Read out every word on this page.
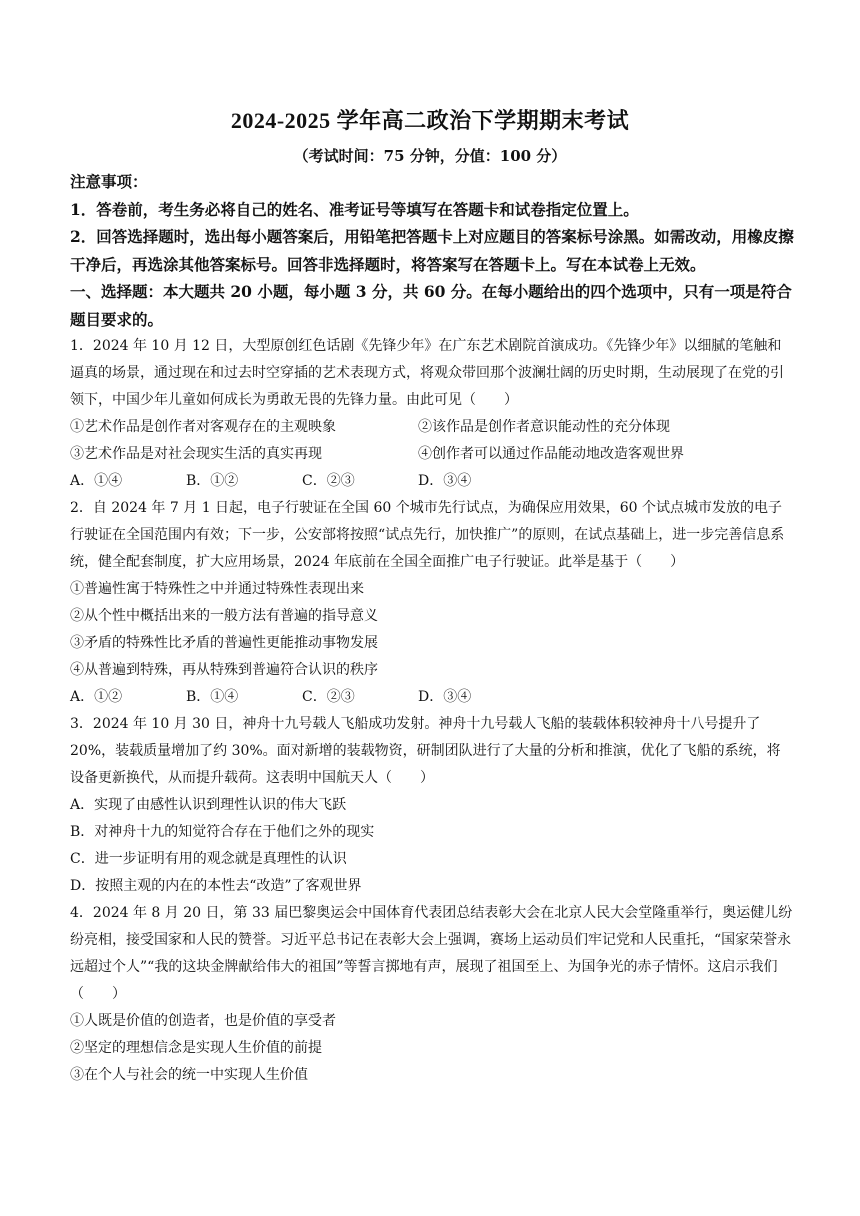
2024-2025 学年高二政治下学期期末考试
（考试时间：75 分钟，分值：100 分）
注意事项：
1．答卷前，考生务必将自己的姓名、准考证号等填写在答题卡和试卷指定位置上。
2．回答选择题时，选出每小题答案后，用铅笔把答题卡上对应题目的答案标号涂黑。如需改动，用橡皮擦干净后，再选涂其他答案标号。回答非选择题时，将答案写在答题卡上。写在本试卷上无效。
一、选择题：本大题共 20 小题，每小题 3 分，共 60 分。在每小题给出的四个选项中，只有一项是符合题目要求的。
1．2024 年 10 月 12 日，大型原创红色话剧《先锋少年》在广东艺术剧院首演成功。《先锋少年》以细腻的笔触和逼真的场景，通过现在和过去时空穿插的艺术表现方式，将观众带回那个波澜壮阔的历史时期，生动展现了在党的引领下，中国少年儿童如何成长为勇敢无畏的先锋力量。由此可见（　　）
①艺术作品是创作者对客观存在的主观映象	②该作品是创作者意识能动性的充分体现
③艺术作品是对社会现实生活的真实再现	④创作者可以通过作品能动地改造客观世界
A．①④	B．①②	C．②③	D．③④
2．自 2024 年 7 月 1 日起，电子行驶证在全国 60 个城市先行试点，为确保应用效果，60 个试点城市发放的电子行驶证在全国范围内有效；下一步，公安部将按照“试点先行，加快推广”的原则，在试点基础上，进一步完善信息系统，健全配套制度，扩大应用场景，2024 年底前在全国全面推广电子行驶证。此举是基于（　　）
①普遍性寓于特殊性之中并通过特殊性表现出来
②从个性中概括出来的一般方法有普遍的指导意义
③矛盾的特殊性比矛盾的普遍性更能推动事物发展
④从普遍到特殊，再从特殊到普遍符合认识的秩序
A．①②	B．①④	C．②③	D．③④
3．2024 年 10 月 30 日，神舟十九号载人飞船成功发射。神舟十九号载人飞船的装载体积较神舟十八号提升了 20%，装载质量增加了约 30%。面对新增的装载物资，研制团队进行了大量的分析和推演，优化了飞船的系统，将设备更新换代，从而提升载荷。这表明中国航天人（　　）
A．实现了由感性认识到理性认识的伟大飞跃
B．对神舟十九的知觉符合存在于他们之外的现实
C．进一步证明有用的观念就是真理性的认识
D．按照主观的内在的本性去“改造”了客观世界
4．2024 年 8 月 20 日，第 33 届巴黎奥运会中国体育代表团总结表彰大会在北京人民大会堂隆重举行，奥运健儿纷纷亮相，接受国家和人民的赞誉。习近平总书记在表彰大会上强调，赛场上运动员们牢记党和人民重托，“国家荣誉永远超过个人”“我的这块金牌献给伟大的祖国”等誓言掷地有声，展现了祖国至上、为国争光的赤子情怀。这启示我们（　　）
①人既是价值的创造者，也是价值的享受者
②坚定的理想信念是实现人生价值的前提
③在个人与社会的统一中实现人生价值
